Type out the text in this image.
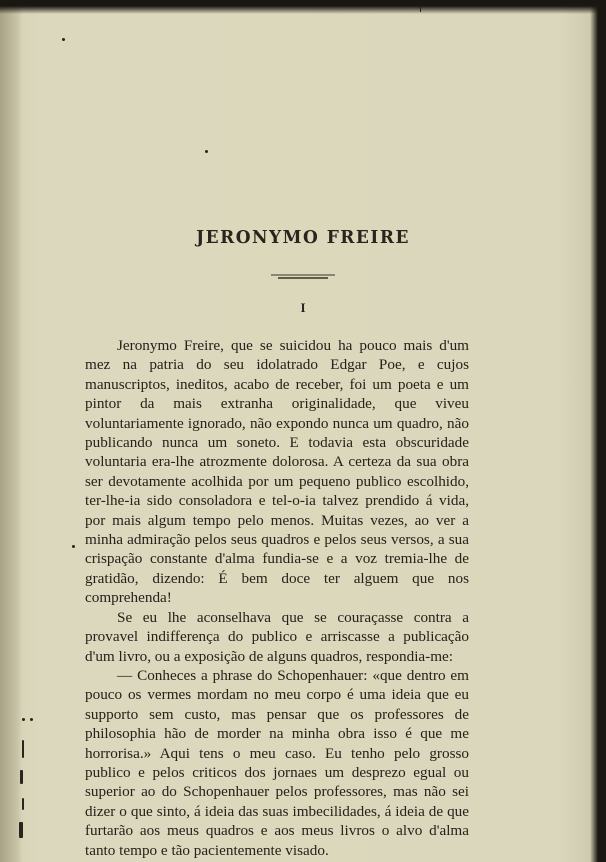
JERONYMO FREIRE
I

Jeronymo Freire, que se suicidou ha pouco mais d'um mez na patria do seu idolatrado Edgar Poe, e cujos manuscriptos, ineditos, acabo de receber, foi um poeta e um pintor da mais extranha originalidade, que viveu voluntariamente ignorado, não expondo nunca um quadro, não publicando nunca um soneto. E todavia esta obscuridade voluntaria era-lhe atrozmente dolorosa. A certeza da sua obra ser devotamente acolhida por um pequeno publico escolhido, ter-lhe-ia sido consoladora e tel-o-ia talvez prendido á vida, por mais algum tempo pelo menos. Muitas vezes, ao ver a minha admiração pelos seus quadros e pelos seus versos, a sua crispação constante d'alma fundia-se e a voz tremia-lhe de gratidão, dizendo: É bem doce ter alguem que nos comprehenda!

Se eu lhe aconselhava que se couraçasse contra a provavel indifferença do publico e arriscasse a publicação d'um livro, ou a exposição de alguns quadros, respondia-me:

— Conheces a phrase do Schopenhauer: «que dentro em pouco os vermes mordam no meu corpo é uma ideia que eu supporto sem custo, mas pensar que os professores de philosophia hão de morder na minha obra isso é que me horrorisa.» Aqui tens o meu caso. Eu tenho pelo grosso publico e pelos criticos dos jornaes um desprezo egual ou superior ao do Schopenhauer pelos professores, mas não sei dizer o que sinto, á ideia das suas imbecilidades, á ideia de que furtarão aos meus quadros e aos meus livros o alvo d'alma tanto tempo e tão pacientemente visado.
